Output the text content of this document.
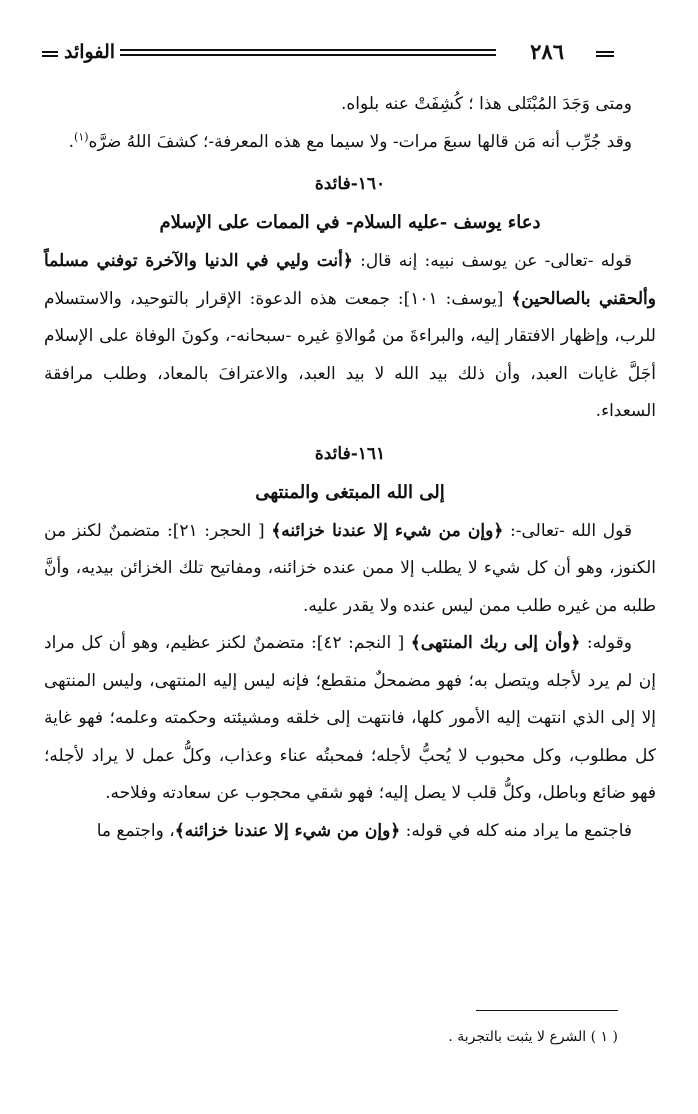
٢٨٦
الفوائد

ومتى وَجَدَ المُبْتَلى هذا ؛ كُشِفَتْ عنه بلواه.

وقد جُرِّب أنه مَن قالها سبعَ مرات- ولا سيما مع هذه المعرفة-؛ كشفَ اللهُ ضرَّه$^{(١)}$.

١٦٠-فائدة
دعاء يوسف -عليه السلام- في الممات على الإسلام

قوله -تعالى- عن يوسف نبيه: إنه قال: ﴿أنت وليي في الدنيا والآخرة توفني مسلماً وألحقني بالصالحين﴾ [يوسف: ١٠١]: جمعت هذه الدعوة: الإقرار بالتوحيد، والاستسلام للرب، وإظهار الافتقار إليه، والبراءةَ من مُوالاةِ غيره -سبحانه-، وكونَ الوفاة على الإسلام أجَلَّ غايات العبد، وأن ذلك بيد الله لا بيد العبد، والاعترافَ بالمعاد، وطلب مرافقة السعداء.

١٦١-فائدة
إلى الله المبتغى والمنتهى

قول الله -تعالى-: ﴿وإن من شيء إلا عندنا خزائنه﴾ [ الحجر: ٢١]: متضمنٌ لكنز من الكنوز، وهو أن كل شيء لا يطلب إلا ممن عنده خزائنه، ومفاتيح تلك الخزائن بيديه، وأنَّ طلبه من غيره طلب ممن ليس عنده ولا يقدر عليه.

وقوله: ﴿وأن إلى ربك المنتهى﴾ [ النجم: ٤٢]: متضمنٌ لكنز عظيم، وهو أن كل مراد إن لم يرد لأجله ويتصل به؛ فهو مضمحلٌ منقطع؛ فإنه ليس إليه المنتهى، وليس المنتهى إلا إلى الذي انتهت إليه الأمور كلها، فانتهت إلى خلقه ومشيئته وحكمته وعلمه؛ فهو غاية كل مطلوب، وكل محبوب لا يُحبُّ لأجله؛ فمحبتُه عناء وعذاب، وكلُّ عمل لا يراد لأجله؛ فهو ضائع وباطل، وكلُّ قلب لا يصل إليه؛ فهو شقي محجوب عن سعادته وفلاحه.

فاجتمع ما يراد منه كله في قوله: ﴿وإن من شيء إلا عندنا خزائنه﴾، واجتمع ما

( ١ ) الشرع لا يثبت بالتجربة .
